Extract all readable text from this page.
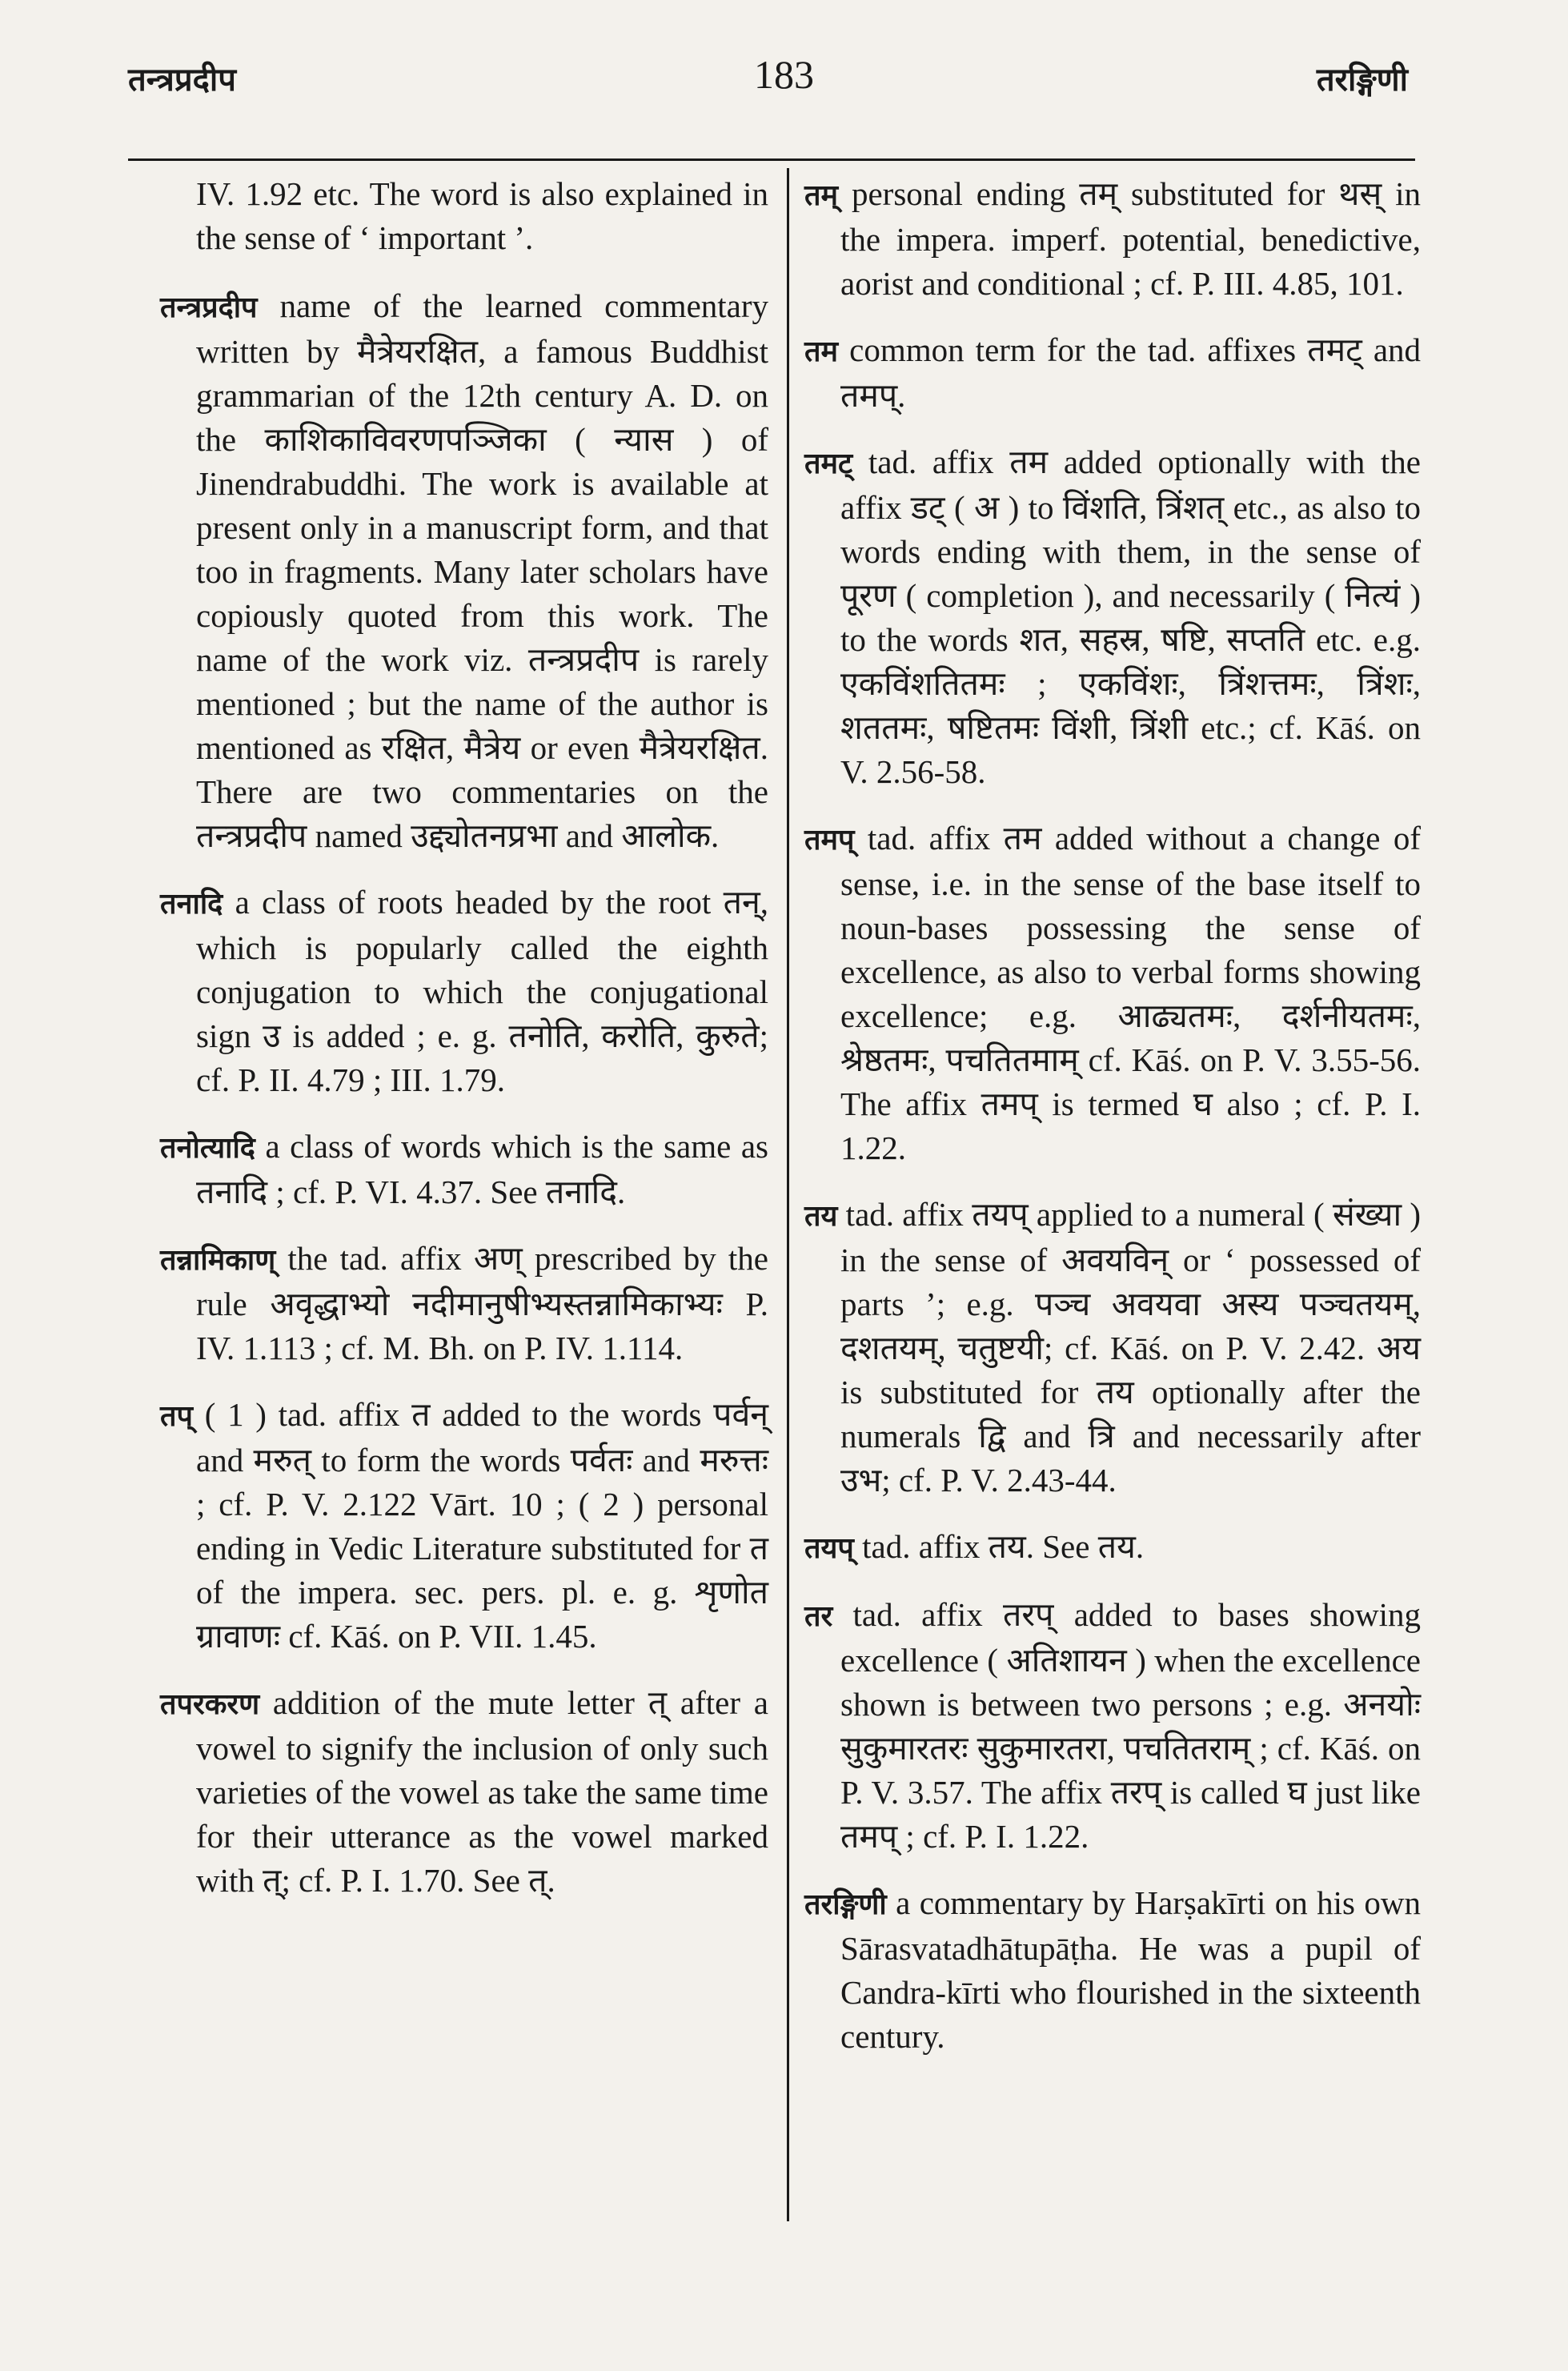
तन्त्रप्रदीप	183	तरङ्गिणी

IV. 1.92 etc. The word is also explained in the sense of ‘ important ’.

तन्त्रप्रदीप name of the learned commentary written by मैत्रेयरक्षित, a famous Buddhist grammarian of the 12th century A. D. on the काशिकाविवरणपञ्जिका ( न्यास ) of Jinendrabuddhi. The work is available at present only in a manuscript form, and that too in fragments. Many later scholars have copiously quoted from this work. The name of the work viz. तन्त्रप्रदीप is rarely mentioned ; but the name of the author is mentioned as रक्षित, मैत्रेय or even मैत्रेयरक्षित. There are two commentaries on the तन्त्रप्रदीप named उद्द्योतनप्रभा and आलोक.

तनादि a class of roots headed by the root तन्, which is popularly called the eighth conjugation to which the conjugational sign उ is added ; e. g. तनोति, करोति, कुरुते; cf. P. II. 4.79 ; III. 1.79.

तनोत्यादि a class of words which is the same as तनादि ; cf. P. VI. 4.37. See तनादि.

तन्नामिकाण् the tad. affix अण् prescribed by the rule अवृद्धाभ्यो नदीमानुषीभ्यस्तन्नामिकाभ्यः P. IV. 1.113 ; cf. M. Bh. on P. IV. 1.114.

तप् ( 1 ) tad. affix त added to the words पर्वन् and मरुत् to form the words पर्वतः and मरुत्तः ; cf. P. V. 2.122 Vārt. 10 ; ( 2 ) personal ending in Vedic Literature substituted for त of the impera. sec. pers. pl. e. g. शृणोत ग्रावाणः cf. Kāś. on P. VII. 1.45.

तपरकरण addition of the mute letter त् after a vowel to signify the inclusion of only such varieties of the vowel as take the same time for their utterance as the vowel marked with त्; cf. P. I. 1.70. See त्.

तम् personal ending तम् substituted for थस् in the impera. imperf. potential, benedictive, aorist and conditional ; cf. P. III. 4.85, 101.

तम common term for the tad. affixes तमट् and तमप्.

तमट् tad. affix तम added optionally with the affix डट् ( अ ) to विंशति, त्रिंशत् etc., as also to words ending with them, in the sense of पूरण ( completion ), and necessarily ( नित्यं ) to the words शत, सहस्र, षष्टि, सप्तति etc. e.g. एकविंशतितमः ; एकविंशः, त्रिंशत्तमः, त्रिंशः, शततमः, षष्टितमः विंशी, त्रिंशी etc.; cf. Kāś. on V. 2.56-58.

तमप् tad. affix तम added without a change of sense, i.e. in the sense of the base itself to noun-bases possessing the sense of excellence, as also to verbal forms showing excellence; e.g. आढ्यतमः, दर्शनीयतमः, श्रेष्ठतमः, पचतितमाम् cf. Kāś. on P. V. 3.55-56. The affix तमप् is termed घ also ; cf. P. I. 1.22.

तय tad. affix तयप् applied to a numeral ( संख्या ) in the sense of अवयविन् or ‘ possessed of parts ’; e.g. पञ्च अवयवा अस्य पञ्चतयम्, दशतयम्, चतुष्टयी; cf. Kāś. on P. V. 2.42. अय is substituted for तय optionally after the numerals द्वि and त्रि and necessarily after उभ; cf. P. V. 2.43-44.

तयप् tad. affix तय. See तय.

तर tad. affix तरप् added to bases showing excellence ( अतिशायन ) when the excellence shown is between two persons ; e.g. अनयोः सुकुमारतरः सुकुमारतरा, पचतितराम् ; cf. Kāś. on P. V. 3.57. The affix तरप् is called घ just like तमप् ; cf. P. I. 1.22.

तरङ्गिणी a commentary by Harṣakīrti on his own Sārasvatadhātupāṭha. He was a pupil of Candra-kīrti who flourished in the sixteenth century.
